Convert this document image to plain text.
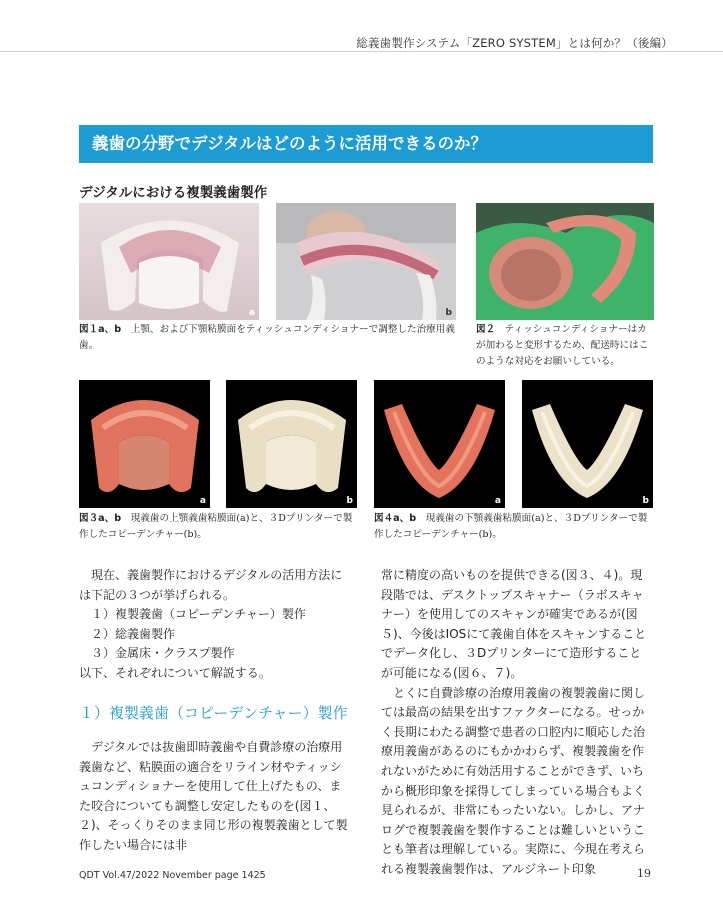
総義歯製作システム「ZERO SYSTEM」とは何か？（後編）
義歯の分野でデジタルはどのように活用できるのか？
デジタルにおける複製義歯製作
a	b
図１a、b　上顎、および下顎粘膜面をティッシュコンディショナーで調整した治療用義歯。
図２　ティッシュコンディショナーはカが加わると変形するため、配送時にはこのような対応をお願いしている。
a	b	a	b
図３a、b　現義歯の上顎義歯粘膜面(a)と、３Dプリンターで製作したコピーデンチャー(b)。
図４a、b　現義歯の下顎義歯粘膜面(a)と、３Dプリンターで製作したコピーデンチャー(b)。

現在、義歯製作におけるデジタルの活用方法には下記の３つが挙げられる。

１）複製義歯（コピーデンチャー）製作

２）総義歯製作

３）金属床・クラスプ製作

以下、それぞれについて解説する。

１）複製義歯（コピーデンチャー）製作

デジタルでは抜歯即時義歯や自費診療の治療用義歯など、粘膜面の適合をリライン材やティッシュコンディショナーを使用して仕上げたもの、また咬合についても調整し安定したものを(図１、２)、そっくりそのまま同じ形の複製義歯として製作したい場合には非

常に精度の高いものを提供できる(図３、４)。現段階では、デスクトップスキャナー（ラボスキャナー）を使用してのスキャンが確実であるが(図５)、今後はIOSにて義歯自体をスキャンすることでデータ化し、３Dプリンターにて造形することが可能になる(図６、７)。

とくに自費診療の治療用義歯の複製義歯に関しては最高の結果を出すファクターになる。せっかく長期にわたる調整で患者の口腔内に順応した治療用義歯があるのにもかかわらず、複製義歯を作れないがために有効活用することができず、いちから概形印象を採得してしまっている場合もよく見られるが、非常にもったいない。しかし、アナログで複製義歯を製作することは難しいということも筆者は理解している。実際に、今現在考えられる複製義歯製作は、アルジネート印象

QDT Vol.47/2022 November page 1425	19
